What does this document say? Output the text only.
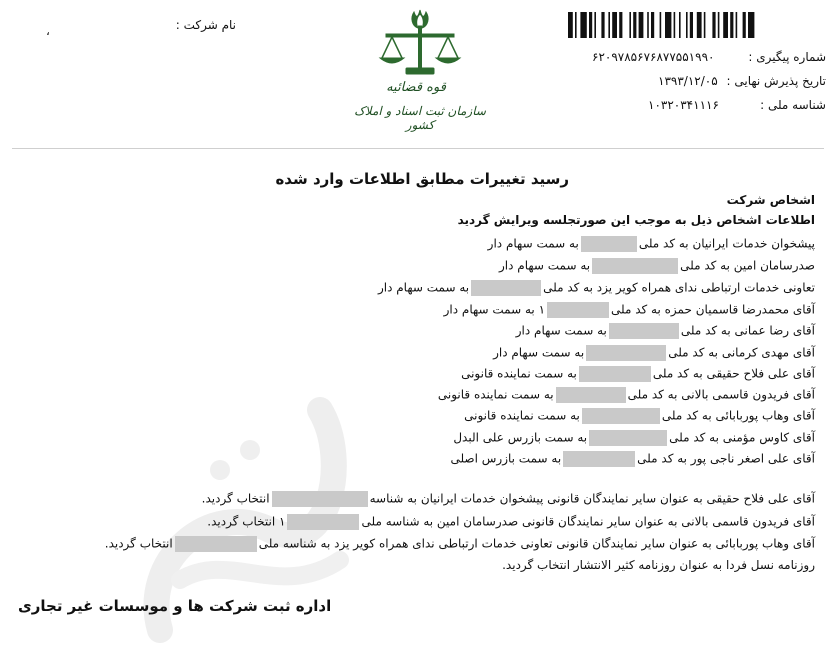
نام شرکت :
،
قوه قضائیه
سازمان ثبت اسناد و املاک کشور
شماره پیگیری :
۶۲۰۹۷۸۵۶۷۶۸۷۷۵۵۱۹۹۰
تاریخ پذیرش نهایی :
۱۳۹۳/۱۲/۰۵
شناسه ملی :
۱۰۳۲۰۳۴۱۱۱۶
رسید تغییرات مطابق اطلاعات وارد شده
اشخاص شرکت
اطلاعات اشخاص ذیل به موجب این صورتجلسه ویرایش گردید
پیشخوان خدمات ایرانیان به کد ملیبه سمت سهام دار
صدرسامان امین به کد ملیبه سمت سهام دار
تعاونی خدمات ارتباطی ندای همراه کویر یزد به کد ملیبه سمت سهام دار
آقای محمدرضا قاسمیان حمزه به کد ملی۱ به سمت سهام دار
آقای رضا عمانی به کد ملیبه سمت سهام دار
آقای مهدی کرمانی به کد ملیبه سمت سهام دار
آقای علی فلاح حقیقی به کد ملیبه سمت نماینده قانونی
آقای فریدون قاسمی بالانی به کد ملیبه سمت نماینده قانونی
آقای وهاب پوربابائی به کد ملیبه سمت نماینده قانونی
آقای کاوس مؤمنی به کد ملیبه سمت بازرس علی البدل
آقای علی اصغر ناجی پور به کد ملیبه سمت بازرس اصلی
آقای علی فلاح حقیقی به عنوان سایر نمایندگان قانونی پیشخوان خدمات ایرانیان به شناسهانتخاب گردید.
آقای فریدون قاسمی بالانی به عنوان سایر نمایندگان قانونی صدرسامان امین به شناسه ملی۱ انتخاب گردید.
آقای وهاب پوربابائی به عنوان سایر نمایندگان قانونی تعاونی خدمات ارتباطی ندای همراه کویر یزد به شناسه ملیانتخاب گردید.
روزنامه نسل فردا به عنوان روزنامه کثیر الانتشار انتخاب گردید.
اداره ثبت شرکت ها و موسسات غیر تجاری
